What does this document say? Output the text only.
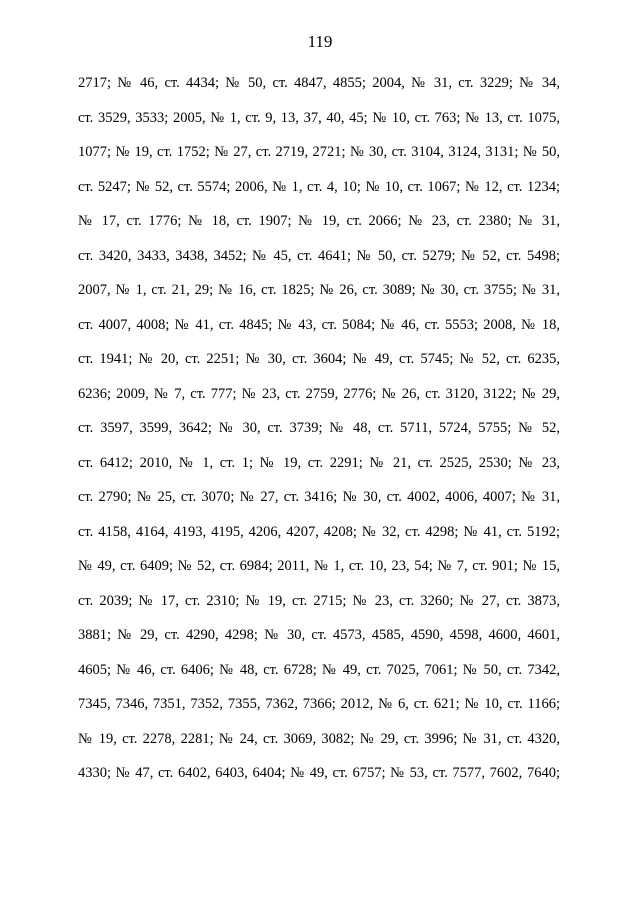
119
2717; № 46, ст. 4434; № 50, ст. 4847, 4855; 2004, № 31, ст. 3229; № 34,
ст. 3529, 3533; 2005, № 1, ст. 9, 13, 37, 40, 45; № 10, ст. 763; № 13, ст. 1075,
1077; № 19, ст. 1752; № 27, ст. 2719, 2721; № 30, ст. 3104, 3124, 3131; № 50,
ст. 5247; № 52, ст. 5574; 2006, № 1, ст. 4, 10; № 10, ст. 1067; № 12, ст. 1234;
№ 17, ст. 1776; № 18, ст. 1907; № 19, ст. 2066; № 23, ст. 2380; № 31,
ст. 3420, 3433, 3438, 3452; № 45, ст. 4641; № 50, ст. 5279; № 52, ст. 5498;
2007, № 1, ст. 21, 29; № 16, ст. 1825; № 26, ст. 3089; № 30, ст. 3755; № 31,
ст. 4007, 4008; № 41, ст. 4845; № 43, ст. 5084; № 46, ст. 5553; 2008, № 18,
ст. 1941; № 20, ст. 2251; № 30, ст. 3604; № 49, ст. 5745; № 52, ст. 6235,
6236; 2009, № 7, ст. 777; № 23, ст. 2759, 2776; № 26, ст. 3120, 3122; № 29,
ст. 3597, 3599, 3642; № 30, ст. 3739; № 48, ст. 5711, 5724, 5755; № 52,
ст. 6412; 2010, № 1, ст. 1; № 19, ст. 2291; № 21, ст. 2525, 2530; № 23,
ст. 2790; № 25, ст. 3070; № 27, ст. 3416; № 30, ст. 4002, 4006, 4007; № 31,
ст. 4158, 4164, 4193, 4195, 4206, 4207, 4208; № 32, ст. 4298; № 41, ст. 5192;
№ 49, ст. 6409; № 52, ст. 6984; 2011, № 1, ст. 10, 23, 54; № 7, ст. 901; № 15,
ст. 2039; № 17, ст. 2310; № 19, ст. 2715; № 23, ст. 3260; № 27, ст. 3873,
3881; № 29, ст. 4290, 4298; № 30, ст. 4573, 4585, 4590, 4598, 4600, 4601,
4605; № 46, ст. 6406; № 48, ст. 6728; № 49, ст. 7025, 7061; № 50, ст. 7342,
7345, 7346, 7351, 7352, 7355, 7362, 7366; 2012, № 6, ст. 621; № 10, ст. 1166;
№ 19, ст. 2278, 2281; № 24, ст. 3069, 3082; № 29, ст. 3996; № 31, ст. 4320,
4330; № 47, ст. 6402, 6403, 6404; № 49, ст. 6757; № 53, ст. 7577, 7602, 7640;
